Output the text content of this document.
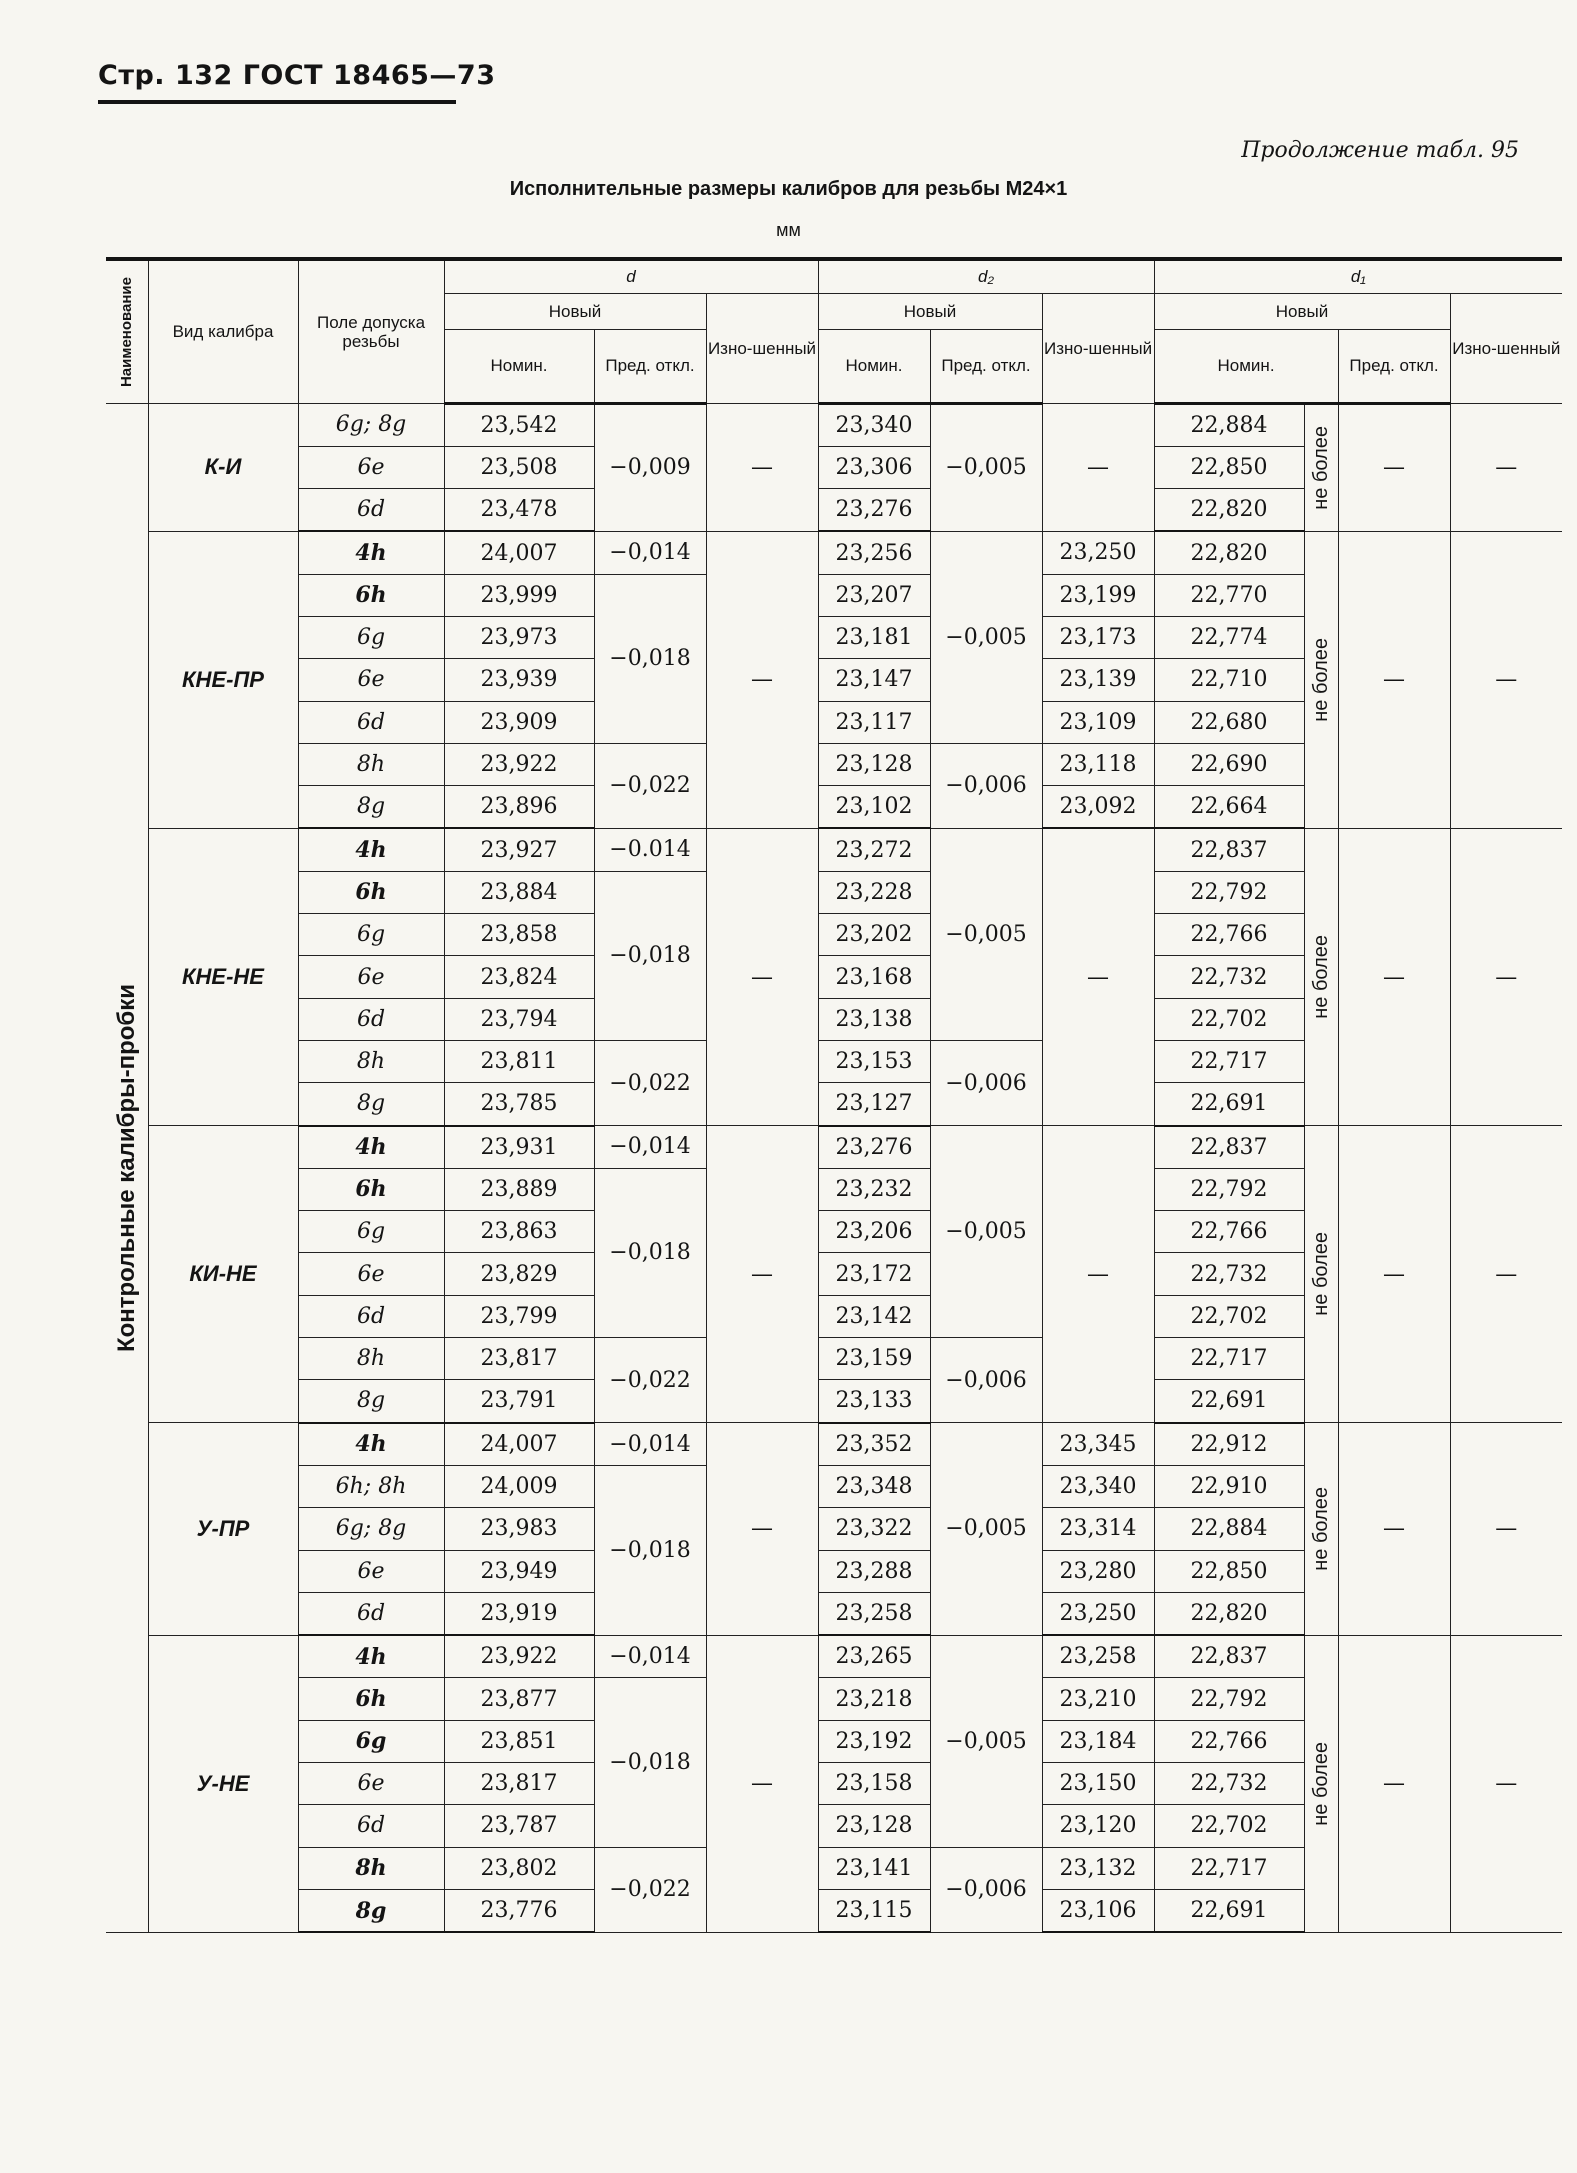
Стр. 132 ГОСТ 18465—73
Продолжение табл. 95
Исполнительные размеры калибров для резьбы М24×1
мм
Наименование	Вид калибра	Поле допуска резьбы	d			d₂			d₁			
			Новый		Изно-шенный	Новый		Изно-шенный	Новый			Изно-шенный
			Номин.	Пред. откл.		Номин.	Пред. откл.		Номин.		Пред. откл.	

Контрольные калибры-пробки	К-И	6g; 8g	23,542	−0,009	—	23,340	−0,005	—	22,884	не более	—	—
		6e	23,508			23,306			22,850			
		6d	23,478			23,276			22,820			
	КНЕ-ПР	4h	24,007	−0,014	—	23,256	−0,005	23,250	22,820	не более	—	—
		6h	23,999	−0,018		23,207		23,199	22,770			
		6g	23,973			23,181		23,173	22,774			
		6e	23,939			23,147		23,139	22,710			
		6d	23,909			23,117		23,109	22,680			
		8h	23,922	−0,022		23,128	−0,006	23,118	22,690			
		8g	23,896			23,102		23,092	22,664			
	КНЕ-НЕ	4h	23,927	−0.014	—	23,272	−0,005	—	22,837	не более	—	—
		6h	23,884	−0,018		23,228			22,792			
		6g	23,858			23,202			22,766			
		6e	23,824			23,168			22,732			
		6d	23,794			23,138			22,702			
		8h	23,811	−0,022		23,153	−0,006		22,717			
		8g	23,785			23,127			22,691			
	КИ-НЕ	4h	23,931	−0,014	—	23,276	−0,005	—	22,837	не более	—	—
		6h	23,889	−0,018		23,232			22,792			
		6g	23,863			23,206			22,766			
		6e	23,829			23,172			22,732			
		6d	23,799			23,142			22,702			
		8h	23,817	−0,022		23,159	−0,006		22,717			
		8g	23,791			23,133			22,691			
	У-ПР	4h	24,007	−0,014	—	23,352	−0,005	23,345	22,912	не более	—	—
		6h; 8h	24,009	−0,018		23,348		23,340	22,910			
		6g; 8g	23,983			23,322		23,314	22,884			
		6e	23,949			23,288		23,280	22,850			
		6d	23,919			23,258		23,250	22,820			
	У-НЕ	4h	23,922	−0,014	—	23,265	−0,005	23,258	22,837	не более	—	—
		6h	23,877	−0,018		23,218		23,210	22,792			
		6g	23,851			23,192		23,184	22,766			
		6e	23,817			23,158		23,150	22,732			
		6d	23,787			23,128		23,120	22,702			
		8h	23,802	−0,022		23,141	−0,006	23,132	22,717			
		8g	23,776			23,115		23,106	22,691			
